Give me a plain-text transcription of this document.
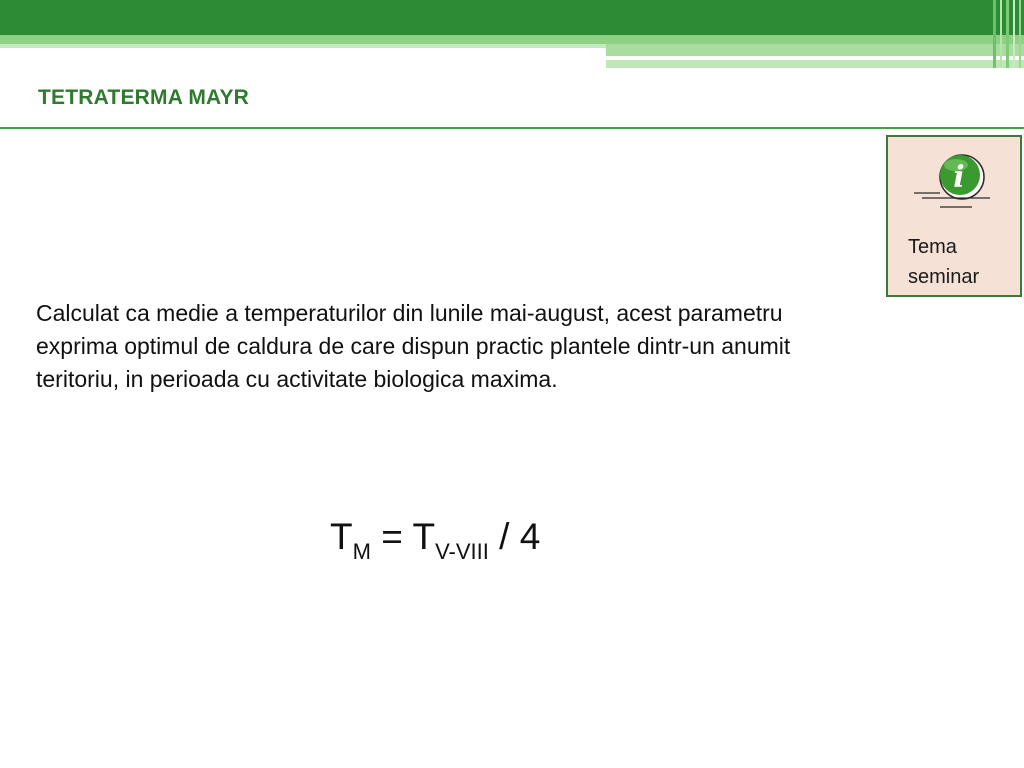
TETRATERMA MAYR
i
Tema
seminar
Calculat ca medie a temperaturilor din lunile mai-august, acest parametru exprima optimul de caldura de care dispun practic plantele dintr-un anumit teritoriu, in perioada cu activitate biologica maxima.
$T_M = T_{V-VIII} / 4$
